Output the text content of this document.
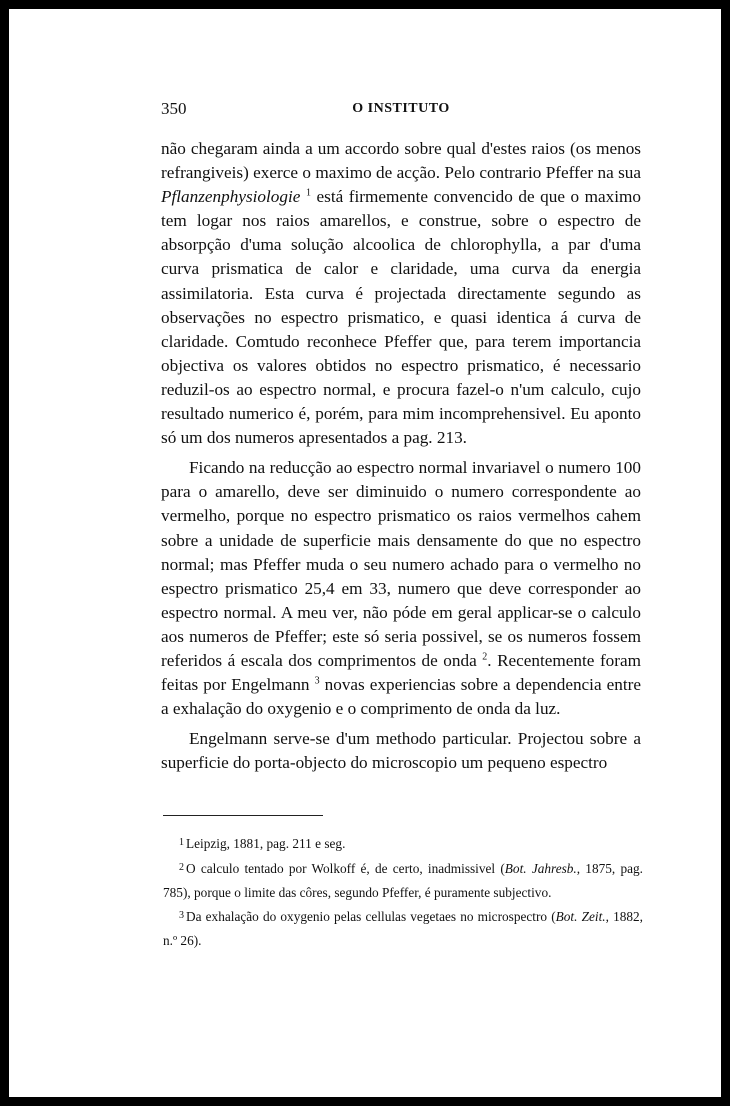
350	O INSTITUTO

não chegaram ainda a um accordo sobre qual d'estes raios (os menos refrangiveis) exerce o maximo de acção. Pelo contrario Pfeffer na sua Pflanzenphysiologie $^1$ está firmemente convencido de que o maximo tem logar nos raios amarellos, e construe, sobre o espectro de absorpção d'uma solução alcoolica de chlorophylla, a par d'uma curva prismatica de calor e claridade, uma curva da energia assimilatoria. Esta curva é projectada directamente segundo as observações no espectro prismatico, e quasi identica á curva de claridade. Comtudo reconhece Pfeffer que, para terem importancia objectiva os valores obtidos no espectro prismatico, é necessario reduzil-os ao espectro normal, e procura fazel-o n'um calculo, cujo resultado numerico é, porém, para mim incomprehensivel. Eu aponto só um dos numeros apresentados a pag. 213.

Ficando na reducção ao espectro normal invariavel o numero 100 para o amarello, deve ser diminuido o numero correspondente ao vermelho, porque no espectro prismatico os raios vermelhos cahem sobre a unidade de superficie mais densamente do que no espectro normal; mas Pfeffer muda o seu numero achado para o vermelho no espectro prismatico 25,4 em 33, numero que deve corresponder ao espectro normal. A meu ver, não póde em geral applicar-se o calculo aos numeros de Pfeffer; este só seria possivel, se os numeros fossem referidos á escala dos comprimentos de onda $^2$. Recentemente foram feitas por Engelmann $^3$ novas experiencias sobre a dependencia entre a exhalação do oxygenio e o comprimento de onda da luz.

Engelmann serve-se d'um methodo particular. Projectou sobre a superficie do porta-objecto do microscopio um pequeno espectro

$^1$ Leipzig, 1881, pag. 211 e seg.

$^2$ O calculo tentado por Wolkoff é, de certo, inadmissivel (Bot. Jahresb., 1875, pag. 785), porque o limite das côres, segundo Pfeffer, é puramente subjectivo.

$^3$ Da exhalação do oxygenio pelas cellulas vegetaes no microspectro (Bot. Zeit., 1882, n.º 26).
